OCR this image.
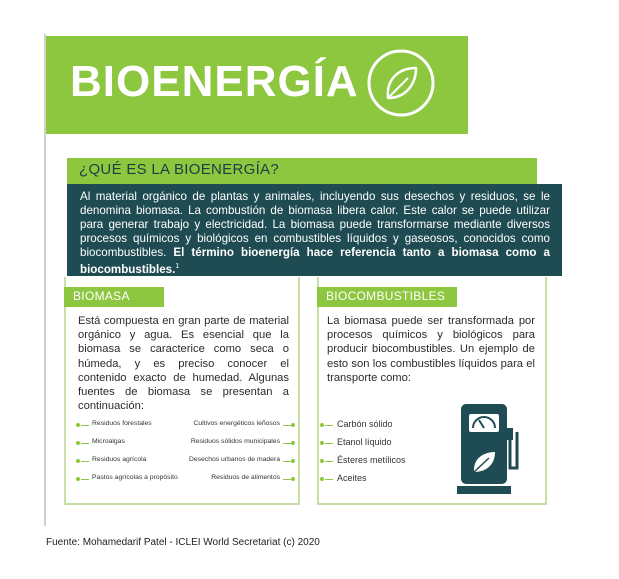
BIOENERGÍA
¿QUÉ ES LA BIOENERGÍA?
Al material orgánico de plantas y animales, incluyendo sus desechos y residuos, se le denomina biomasa. La combustión de biomasa libera calor. Este calor se puede utilizar para generar trabajo y electricidad. La biomasa puede transformarse mediante diversos procesos químicos y biológicos en combustibles líquidos y gaseosos, conocidos como biocombustibles. El término bioenergía hace referencia tanto a biomasa como a biocombustibles.$^1$
BIOMASA
Está compuesta en gran parte de material orgánico y agua. Es esencial que la biomasa se caracterice como seca o húmeda, y es preciso conocer el contenido exacto de humedad. Algunas fuentes de biomasa se presentan a continuación:
Residuos forestales
Microalgas
Residuos agrícola
Pastos agrícolas a propósito
Cultivos energéticos leñosos
Residuos sólidos municipales
Desechos urbanos de madera
Residuos de alimentos
BIOCOMBUSTIBLES
La biomasa puede ser transformada por procesos químicos y biológicos para producir biocombustibles. Un ejemplo de esto son los combustibles líquidos para el transporte como:
Carbón sólido
Etanol líquido
Ésteres metílicos
Aceites
Fuente: Mohamedarif Patel - ICLEI World Secretariat (c) 2020
